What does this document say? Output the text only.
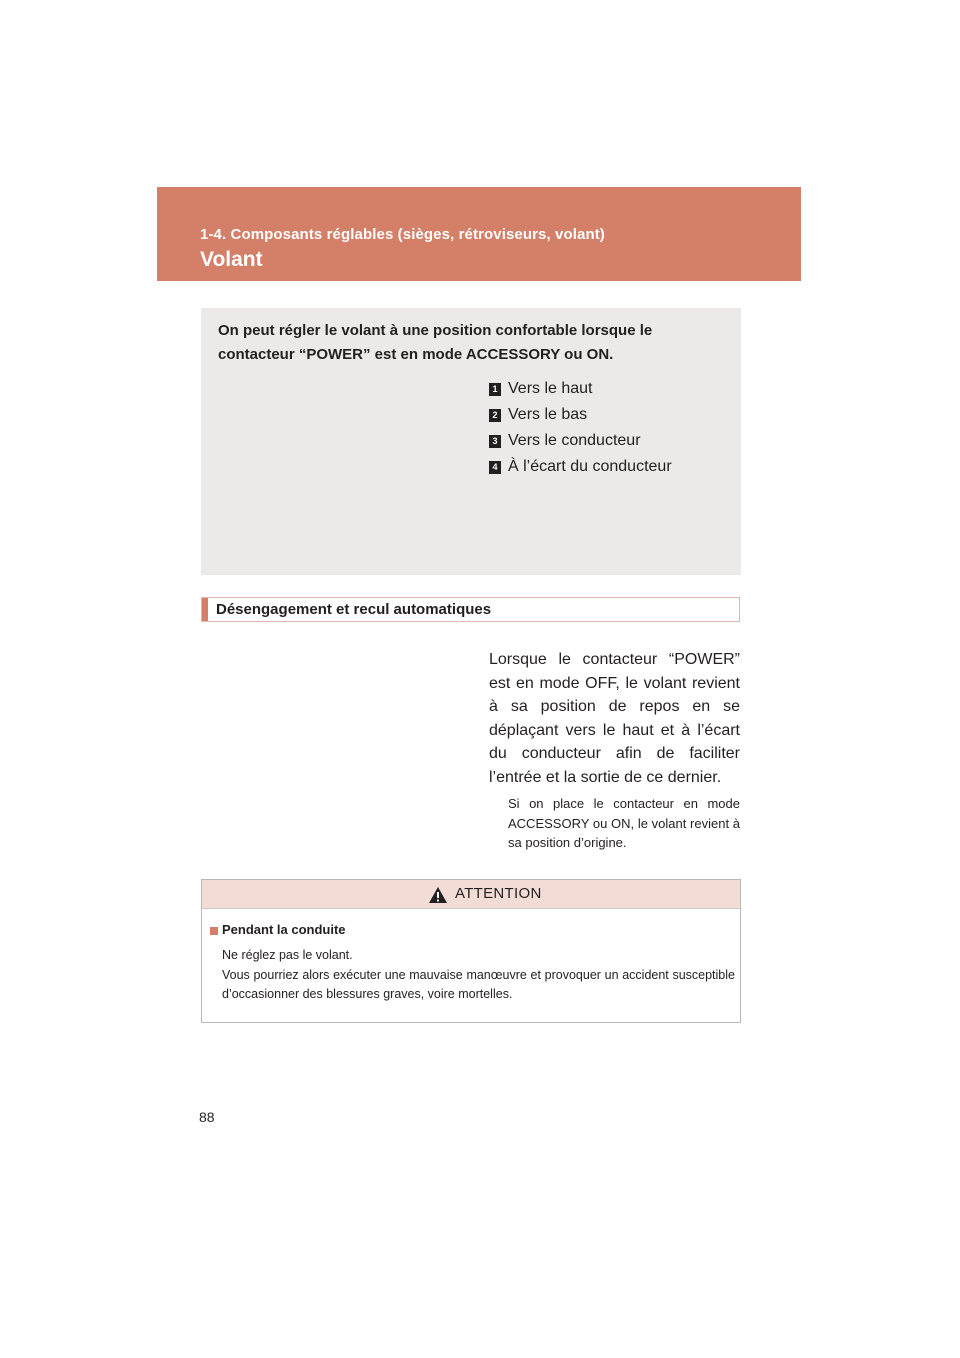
1-4. Composants réglables (sièges, rétroviseurs, volant)
Volant
On peut régler le volant à une position confortable lorsque le contacteur “POWER” est en mode ACCESSORY ou ON.
1 Vers le haut
2 Vers le bas
3 Vers le conducteur
4 À l’écart du conducteur
Désengagement et recul automatiques
Lorsque le contacteur “POWER” est en mode OFF, le volant revient à sa position de repos en se déplaçant vers le haut et à l’écart du conducteur afin de faciliter l’entrée et la sortie de ce dernier.
Si on place le contacteur en mode ACCESSORY ou ON, le volant revient à sa position d’origine.
ATTENTION
Pendant la conduite

Ne réglez pas le volant.

Vous pourriez alors exécuter une mauvaise manœuvre et provoquer un accident susceptible d’occasionner des blessures graves, voire mortelles.

88
